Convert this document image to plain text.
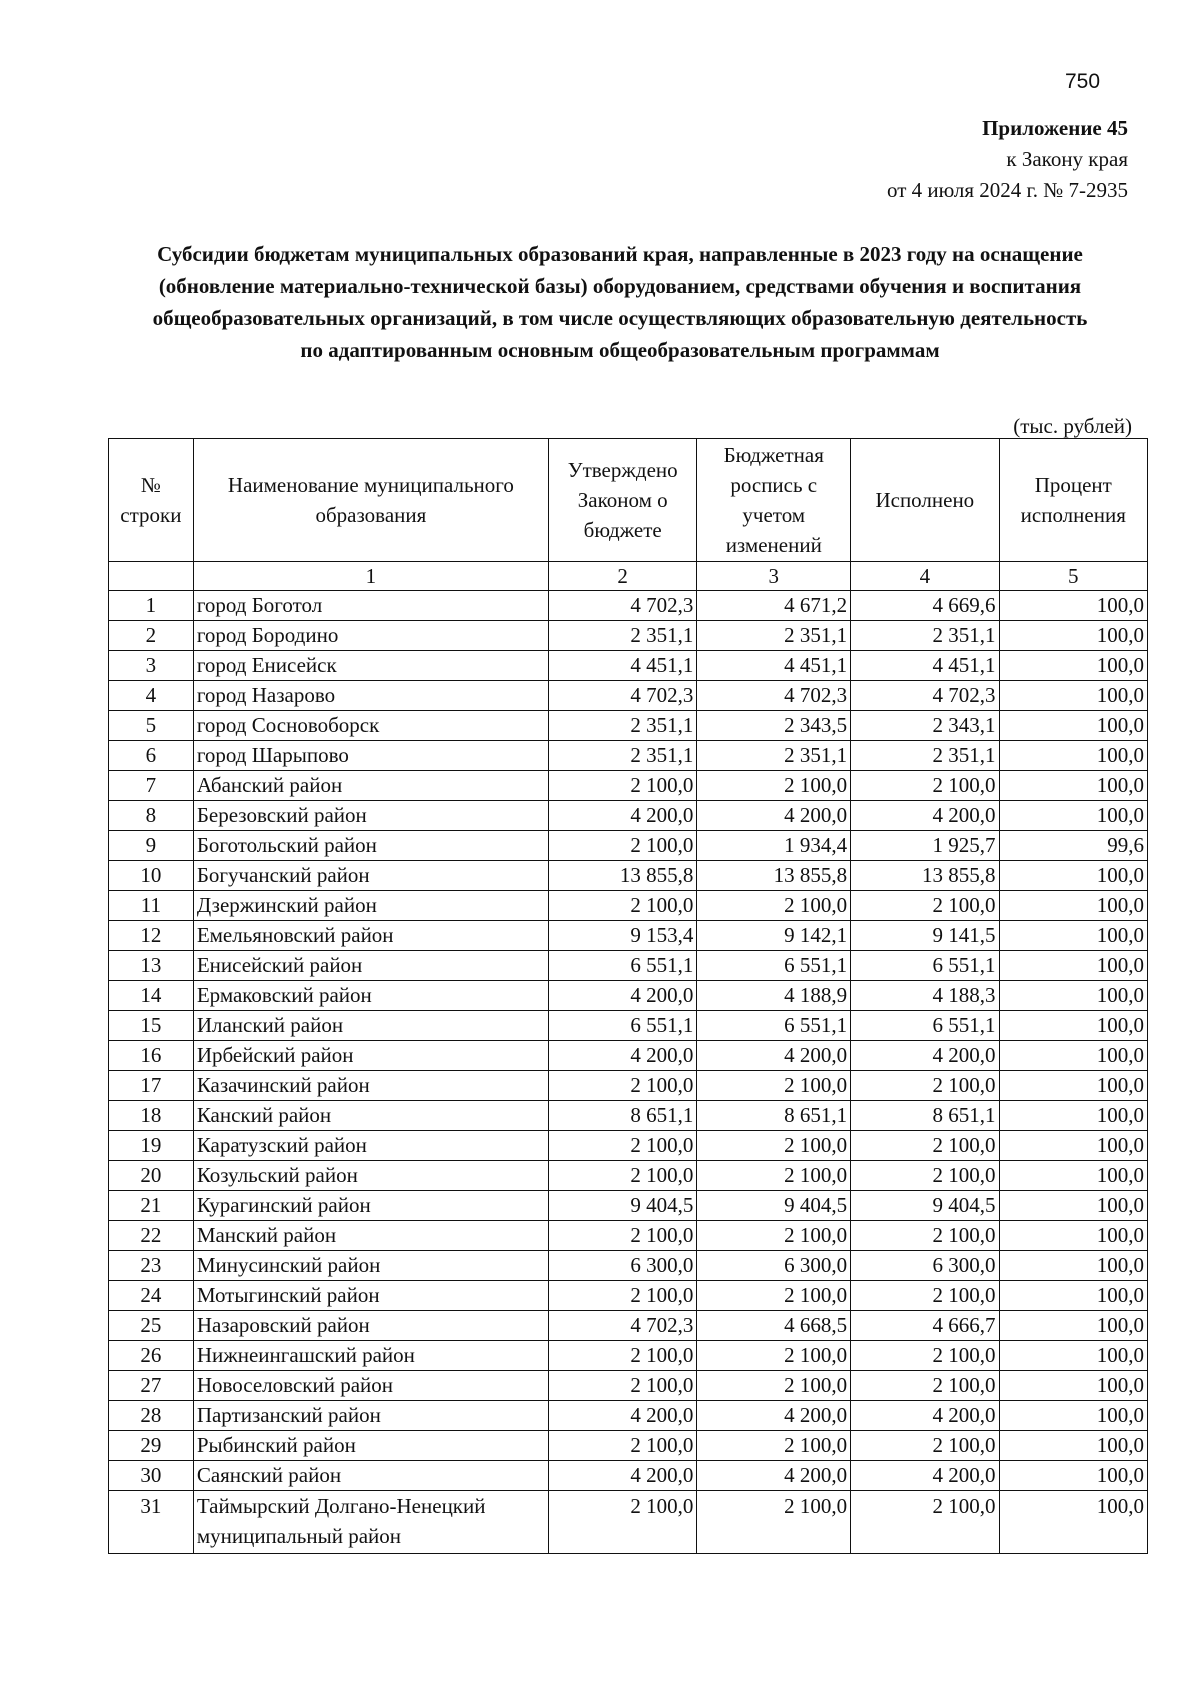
750
Приложение 45
к Закону края
от 4 июля 2024 г. № 7-2935
Субсидии бюджетам муниципальных образований края, направленные в 2023 году на оснащение (обновление материально-технической базы) оборудованием, средствами обучения и воспитания общеобразовательных организаций, в том числе осуществляющих образовательную деятельность по адаптированным основным общеобразовательным программам
(тыс. рублей)
№ строки	Наименование муниципального образования	Утверждено Законом о бюджете	Бюджетная роспись с учетом изменений	Исполнено	Процент исполнения
	1	2	3	4	5
1	город Боготол	4 702,3	4 671,2	4 669,6	100,0
2	город Бородино	2 351,1	2 351,1	2 351,1	100,0
3	город Енисейск	4 451,1	4 451,1	4 451,1	100,0
4	город Назарово	4 702,3	4 702,3	4 702,3	100,0
5	город Сосновоборск	2 351,1	2 343,5	2 343,1	100,0
6	город Шарыпово	2 351,1	2 351,1	2 351,1	100,0
7	Абанский район	2 100,0	2 100,0	2 100,0	100,0
8	Березовский район	4 200,0	4 200,0	4 200,0	100,0
9	Боготольский район	2 100,0	1 934,4	1 925,7	99,6
10	Богучанский район	13 855,8	13 855,8	13 855,8	100,0
11	Дзержинский район	2 100,0	2 100,0	2 100,0	100,0
12	Емельяновский район	9 153,4	9 142,1	9 141,5	100,0
13	Енисейский район	6 551,1	6 551,1	6 551,1	100,0
14	Ермаковский район	4 200,0	4 188,9	4 188,3	100,0
15	Иланский район	6 551,1	6 551,1	6 551,1	100,0
16	Ирбейский район	4 200,0	4 200,0	4 200,0	100,0
17	Казачинский район	2 100,0	2 100,0	2 100,0	100,0
18	Канский район	8 651,1	8 651,1	8 651,1	100,0
19	Каратузский район	2 100,0	2 100,0	2 100,0	100,0
20	Козульский район	2 100,0	2 100,0	2 100,0	100,0
21	Курагинский район	9 404,5	9 404,5	9 404,5	100,0
22	Манский район	2 100,0	2 100,0	2 100,0	100,0
23	Минусинский район	6 300,0	6 300,0	6 300,0	100,0
24	Мотыгинский район	2 100,0	2 100,0	2 100,0	100,0
25	Назаровский район	4 702,3	4 668,5	4 666,7	100,0
26	Нижнеингашский район	2 100,0	2 100,0	2 100,0	100,0
27	Новоселовский район	2 100,0	2 100,0	2 100,0	100,0
28	Партизанский район	4 200,0	4 200,0	4 200,0	100,0
29	Рыбинский район	2 100,0	2 100,0	2 100,0	100,0
30	Саянский район	4 200,0	4 200,0	4 200,0	100,0
31	Таймырский Долгано-Ненецкий муниципальный район	2 100,0	2 100,0	2 100,0	100,0
